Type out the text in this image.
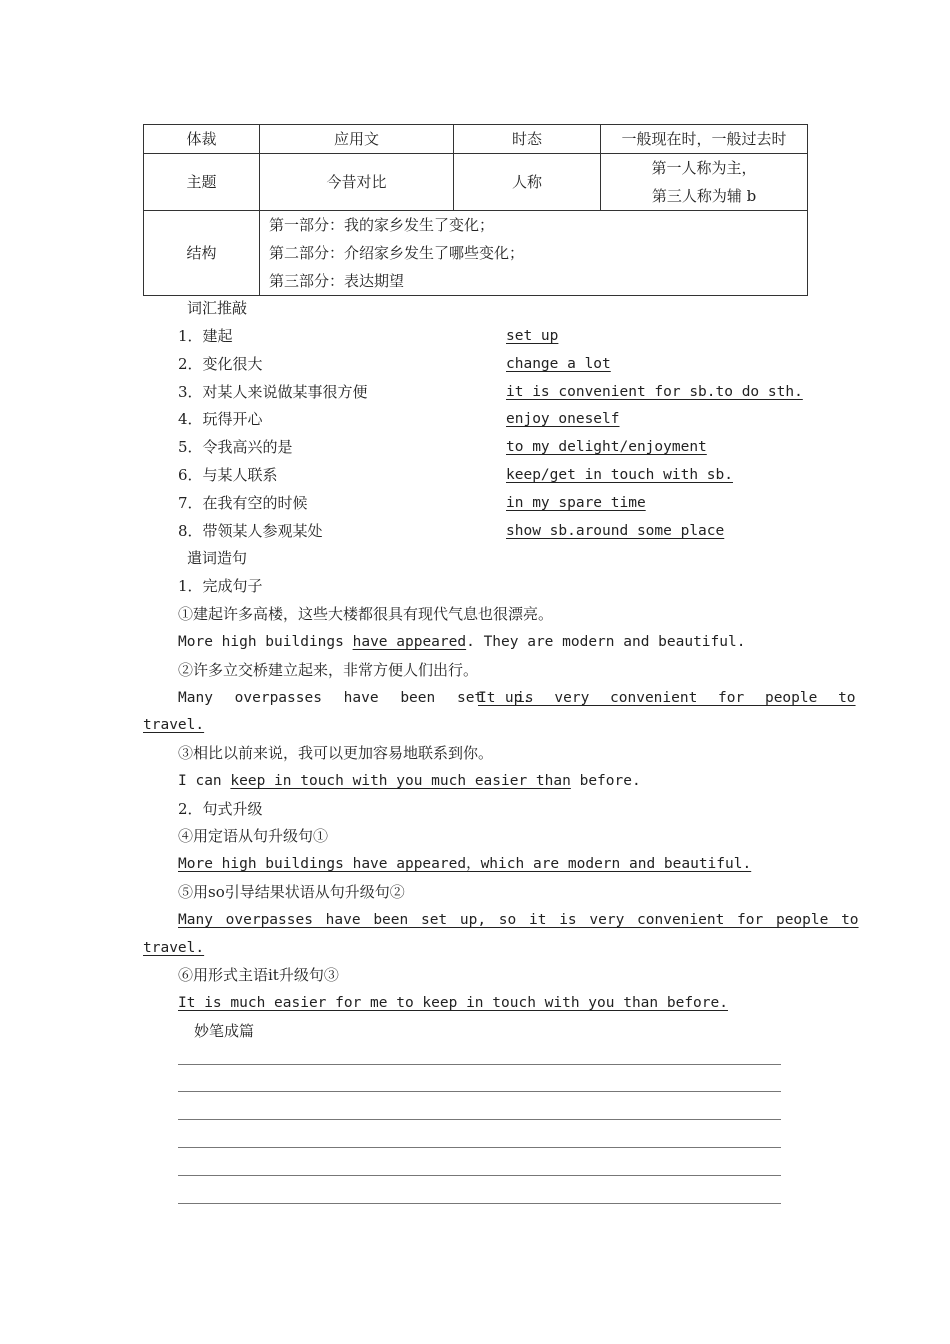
体裁	应用文	时态	一般现在时，一般过去时
主题	今昔对比	人称	第一人称为主，
第三人称为辅 b

结构	第一部分：我的家乡发生了变化；
第二部分：介绍家乡发生了哪些变化；
第三部分：表达期望		
词汇推敲
1．建起	set up
2．变化很大	change a lot
3．对某人来说做某事很方便	it is convenient for sb.to do sth.
4．玩得开心	enjoy oneself
5．令我高兴的是	to my delight/enjoyment
6．与某人联系	keep/get in touch with sb.
7．在我有空的时候	in my spare time
8．带领某人参观某处	show sb.around some place
遣词造句
1．完成句子
①建起许多高楼，这些大楼都很具有现代气息也很漂亮。
More high buildings have appeared. They are modern and beautiful.
②许多立交桥建立起来，非常方便人们出行。
Many overpasses have been set up.
It is very convenient for people to
travel.
③相比以前来说，我可以更加容易地联系到你。
I can keep in touch with you much easier than before.
2．句式升级
④用定语从句升级句①
More high buildings have appeared，which are modern and beautiful.
⑤用so引导结果状语从句升级句②
Many overpasses have been set up, so it is very convenient for people to
travel.
⑥用形式主语it升级句③
It is much easier for me to keep in touch with you than before.
妙笔成篇
